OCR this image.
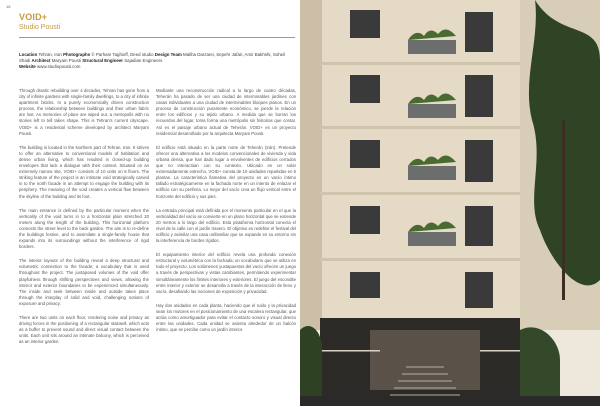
16
VOID+
Studio Pousti
Location Tehran, Iran Photographs © Parham Taghioff, Deed studio Design Team Maliha Darzarei, Sepehr Jafari, Amir Bakhshi, Soheil Shadi Architect Maryam Pousti Structural Engineer Sajadian Engineers
Website www.studiopousti.com

Through drastic rebuilding over 4 decades, Tehran has gone from a city of infinite gardens with single-family dwellings, to a city of infinite apartment blocks. In a purely economically driven construction process, the relationship between buildings and their urban fabric are lost. As memories of place are wiped out, a metropolis with no stories left to tell takes shape. This is Tehran's current cityscape. VOID+ is a residential scheme developed by architect Maryam Pousti.

The building is located in the Northern part of Tehran, Iran. It strives to offer an alternative to conventional models of habitation and dense urban living, which has resulted in closed-up building envelopes that lack a dialogue with their context. Situated on an extremely narrow site, VOID+ consists of 10 units on 5 floors. The striking feature of the project is an intimate void strategically carved in to the north facade in an attempt to engage the building with its periphery. The meaning of the void creates a vertical flow between the skyline of the building and its foot.

The main entrance is defined by the particular moment when the verticality of the void turns in to a horizontal plain stretched 20 meters along the length of the building. This horizontal platform connects the street level to the back garden. The aim is to re-define the buildings festive, and to assimilate a single-family house that expands into its surroundings without the interference of rigid borders.

The interior layouts of the building reveal a deep structural and volumetric connection to the facade; a vocabulary that is used throughout the project. The juxtaposed volumes of the void offer playfulness through shifting perspectives and views, allowing the interior and exterior boundaries to be experienced simultaneously. The inside and seek between inside and outside takes place through the interplay of solid and void, challenging notions of exposure and privacy.

There are two units on each floor, rendering noise and privacy as driving forces in the positioning of a rectangular stairwell, which acts as a buffer to prevent sound and direct visual contact between the units. Each unit sits around an intimate balcony, which is perceived as an interior garden.

Mediante una reconstrucción radical a lo largo de cuatro décadas, Teherán ha pasado de ser una ciudad de interminables jardines con casas individuales a una ciudad de interminables bloques planos. En un proceso de construcción puramente económico, se pierde la relación entre los edificios y su tejido urbano. A medida que se borran los recuerdos del lugar, toma forma una metrópolis sin historias que contar. Así es el paisaje urbano actual de Teherán. VOID+ es un proyecto residencial desarrollado por la arquitecta Maryam Pousti.

El edificio está situado en la parte norte de Teherán (Irán). Pretende ofrecer una alternativa a los modelos convencionales de vivienda y vida urbana densa, que han dado lugar a envolventes de edificios cerrados que no interactúan con su contexto. Ubicado en un solar extremadamente estrecho, VOID+ consta de 10 unidades repartidas en 5 plantas. La característica llamativa del proyecto es un vacío íntimo tallado estratégicamente en la fachada norte en un intento de enlazar el edificio con su periferia. Lo mejor del vacío crea un flujo vertical entre el horizonte del edificio y sus pies.

La entrada principal está definida por el momento particular en el que la verticalidad del vacío se convierte en un plano horizontal que se extiende 20 metros a lo largo del edificio. Esta plataforma horizontal conecta el nivel de la calle con el jardín trasero. El objetivo es redefinir el festival del edificio y asimilar una casa unifamiliar que se expande en su entorno sin la interferencia de bordes rígidos.

El equipamiento interior del edificio revela una profunda conexión estructural y volumétrica con la fachada; un vocabulario que se utiliza en todo el proyecto. Los volúmenes yuxtapuestos del vacío ofrecen un juego a través de perspectivas y vistas cambiantes, permitiendo experimentar simultáneamente los límites interiores y exteriores. El juego del escondite entre interior y exterior se desarrolla a través de la interacción de lleno y vacío, desafiando las nociones de exposición y privacidad.

Hay dos unidades en cada planta, haciendo que el ruido y la privacidad sean los motores en el posicionamiento de una escalera rectangular, que actúa como amortiguador para evitar el contacto sonoro y visual directo entre las unidades. Cada unidad se asienta alrededor de un balcón íntimo, que se percibe como un jardín interior.
